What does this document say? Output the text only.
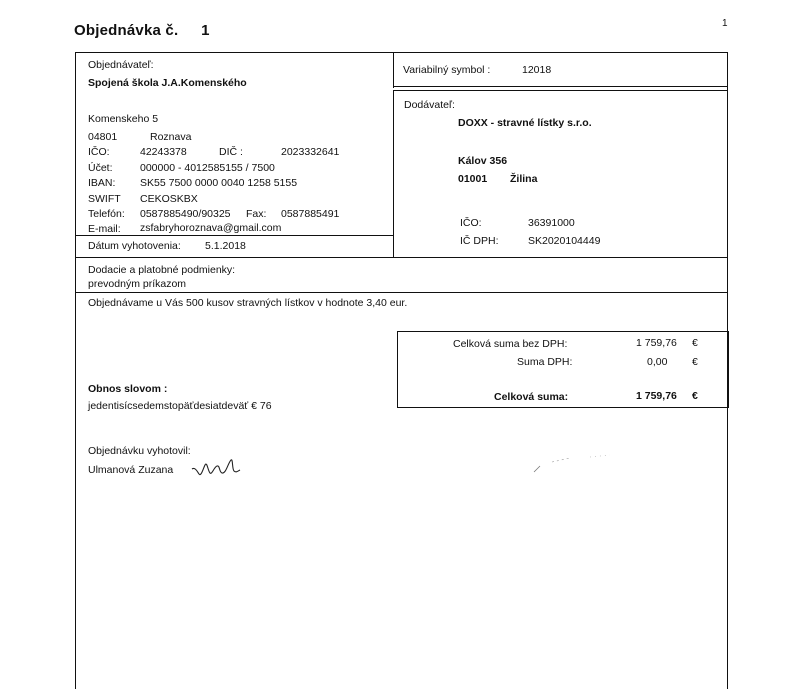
Objednávka č. 1	1
Objednávateľ:
Spojená škola J.A.Komenského
Komenskeho 5
04801	Roznava
IČO:	42243378	DIČ :	2023332641
Účet:	000000 - 4012585155 / 7500
IBAN: SK55 7500 0000 0040 1258 5155
SWIFT CEKOSKBX
Telefón: 0587885490/90325 Fax: 0587885491
E-mail: zsfabryhoroznava@gmail.com
Variabilný symbol :	12018
Dodávateľ:
DOXX - stravné lístky s.r.o.
Kálov 356
01001 Žilina
IČO:	36391000
IČ DPH:	SK2020104449
Dátum vyhotovenia: 5.1.2018
Dodacie a platobné podmienky:
prevodným príkazom
Objednávame u Vás 500 kusov stravných lístkov v hodnote 3,40 eur.
Celková suma bez DPH:	1 759,76 €
Suma DPH:	0,00 €
Celková suma:	1 759,76 €
Obnos slovom :
jedentisícsedemstopäťdesiatdeväť € 76
Objednávku vyhotovil:
Ulmanová Zuzana
